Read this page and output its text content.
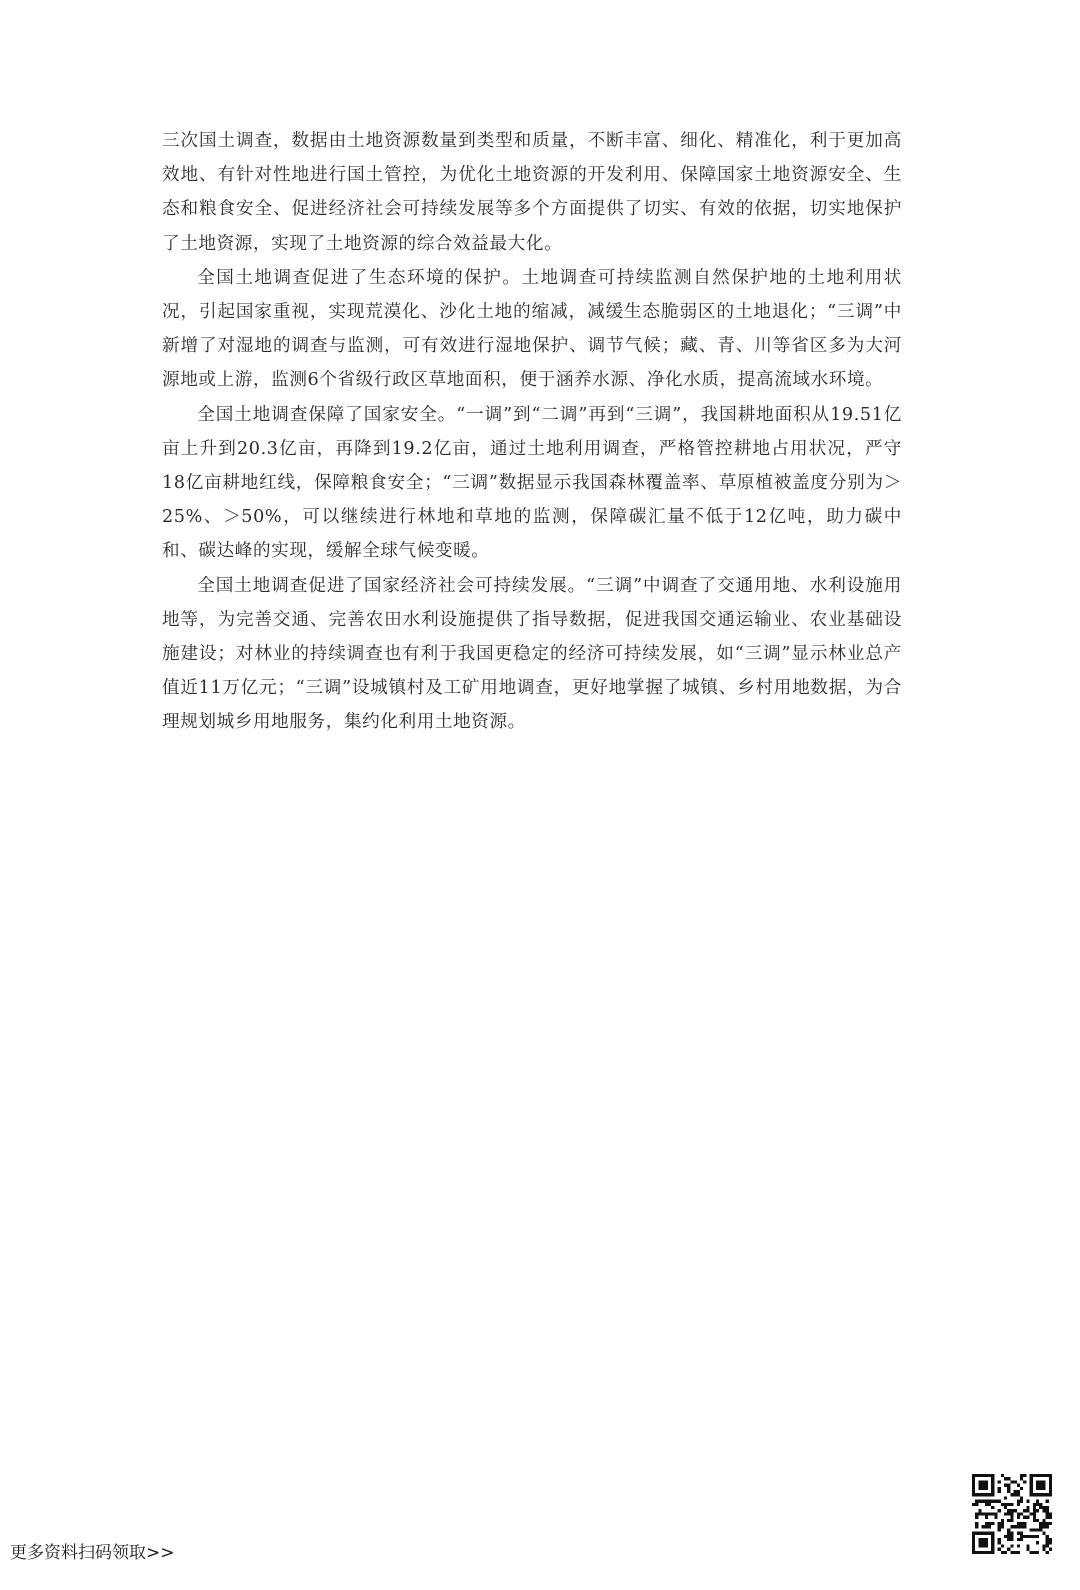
三次国土调查，数据由土地资源数量到类型和质量，不断丰富、细化、精准化，利于更加高效地、有针对性地进行国土管控，为优化土地资源的开发利用、保障国家土地资源安全、生态和粮食安全、促进经济社会可持续发展等多个方面提供了切实、有效的依据，切实地保护了土地资源，实现了土地资源的综合效益最大化。

全国土地调查促进了生态环境的保护。土地调查可持续监测自然保护地的土地利用状况，引起国家重视，实现荒漠化、沙化土地的缩减，减缓生态脆弱区的土地退化；“三调”中新增了对湿地的调查与监测，可有效进行湿地保护、调节气候；藏、青、川等省区多为大河源地或上游，监测6个省级行政区草地面积，便于涵养水源、净化水质，提高流域水环境。

全国土地调查保障了国家安全。“一调”到“二调”再到“三调”，我国耕地面积从19.51亿亩上升到20.3亿亩，再降到19.2亿亩，通过土地利用调查，严格管控耕地占用状况，严守18亿亩耕地红线，保障粮食安全；“三调”数据显示我国森林覆盖率、草原植被盖度分别为＞25%、＞50%，可以继续进行林地和草地的监测，保障碳汇量不低于12亿吨，助力碳中和、碳达峰的实现，缓解全球气候变暖。

全国土地调查促进了国家经济社会可持续发展。“三调”中调查了交通用地、水利设施用地等，为完善交通、完善农田水利设施提供了指导数据，促进我国交通运输业、农业基础设施建设；对林业的持续调查也有利于我国更稳定的经济可持续发展，如“三调”显示林业总产值近11万亿元；“三调”设城镇村及工矿用地调查，更好地掌握了城镇、乡村用地数据，为合理规划城乡用地服务，集约化利用土地资源。

更多资料扫码领取>>
